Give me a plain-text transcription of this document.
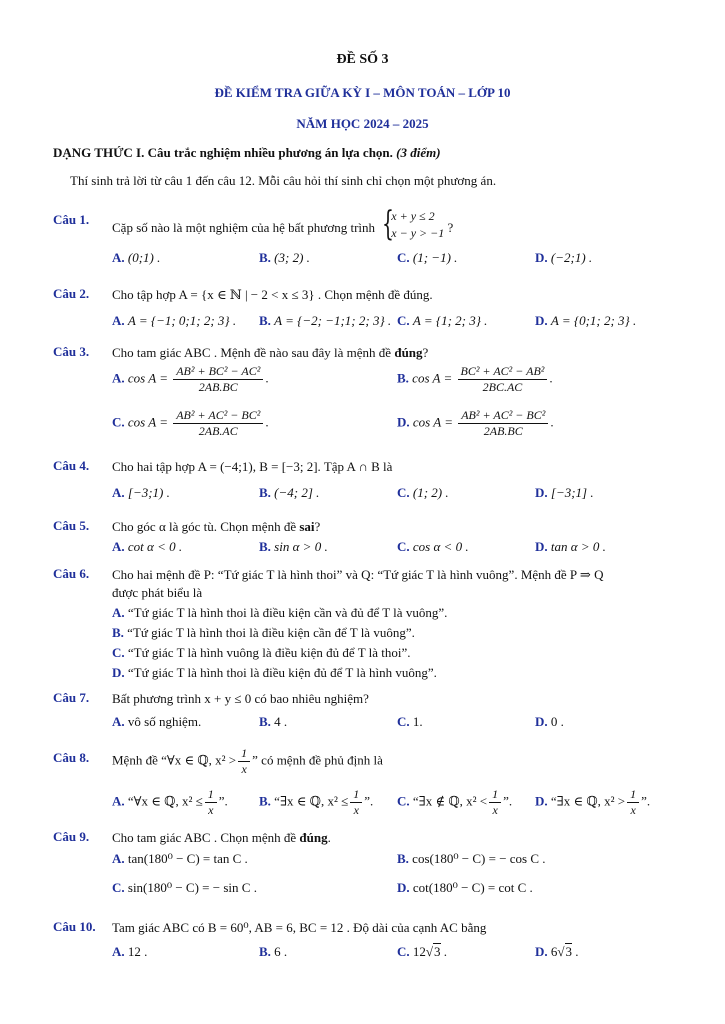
ĐỀ SỐ 3
ĐỀ KIỂM TRA GIỮA KỲ I – MÔN TOÁN – LỚP 10
NĂM HỌC 2024 – 2025
DẠNG THỨC I. Câu trắc nghiệm nhiều phương án lựa chọn. (3 điểm)
Thí sinh trả lời từ câu 1 đến câu 12. Mỗi câu hỏi thí sinh chỉ chọn một phương án.
Câu 1.
Cặp số nào là một nghiệm của hệ bất phương trình {
x + y ≤ 2
x − y > −1 ?
A. (0;1) .	B. (3; 2) .	C. (1; −1) .	D. (−2;1) .
Câu 2. Cho tập hợp A = {x ∈ ℕ | − 2 < x ≤ 3} . Chọn mệnh đề đúng.
A. A = {−1; 0;1; 2; 3} . B. A = {−2; −1;1; 2; 3} . C. A = {1; 2; 3} .	D. A = {0;1; 2; 3} .
Câu 3. Cho tam giác ABC . Mệnh đề nào sau đây là mệnh đề đúng?
A. $\cos A = \frac{\text{AB² + BC² − AC²}}{2AB.BC}$ .	B. $\cos A = \frac{\text{BC² + AC² − AB²}}{2BC.AC}$ .
C. $\cos A = \frac{\text{AB² + AC² − BC²}}{2AB.AC}$ .	D. $\cos A = \frac{\text{AB² + AC² − BC²}}{2AB.BC}$ .
Câu 4. Cho hai tập hợp A = (−4;1), B = [−3; 2]. Tập A ∩ B là
A. [−3;1) .	B. (−4; 2] .	C. (1; 2) .	D. [−3;1] .
Câu 5. Cho góc α là góc tù. Chọn mệnh đề sai?
A. cot α < 0 .	B. sin α > 0 .	C. cos α < 0 .	D. tan α > 0 .
Câu 6. Cho hai mệnh đề P: “Tứ giác T là hình thoi” và Q: “Tứ giác T là hình vuông”. Mệnh đề P ⇒ Q
được phát biểu là
A. “Tứ giác T là hình thoi là điều kiện cần và đủ để T là vuông”.
B. “Tứ giác T là hình thoi là điều kiện cần để T là vuông”.
C. “Tứ giác T là hình vuông là điều kiện đủ để T là thoi”.
D. “Tứ giác T là hình thoi là điều kiện đủ để T là hình vuông”.
Câu 7. Bất phương trình x + y ≤ 0 có bao nhiêu nghiệm?
A. vô số nghiệm.	B. 4 .	C. 1.	D. 0 .
Câu 8. Mệnh đề “∀x ∈ ℚ, $x^2 > \frac{1}{x}$ ” có mệnh đề phủ định là
A. “∀x ∈ ℚ, $x^2 \le \frac{1}{x}$ ”. B. “∃x ∈ ℚ, $x^2 \le \frac{1}{x}$ ”. C. “∃x ∉ ℚ, $x^2 < \frac{1}{x}$ ”. D. “∃x ∈ ℚ, $x^2 > \frac{1}{x}$ ”.
Câu 9. Cho tam giác ABC . Chọn mệnh đề đúng.
A. tan(180⁰ − C) = tan C .	B. cos(180⁰ − C) = − cos C .
C. sin(180⁰ − C) = − sin C .	D. cot(180⁰ − C) = cot C .
Câu 10. Tam giác ABC có B = 60⁰, AB = 6, BC = 12 . Độ dài của cạnh AC bằng
A. 12 .	B. 6 .	C. 12√3 .	D. 6√3 .
